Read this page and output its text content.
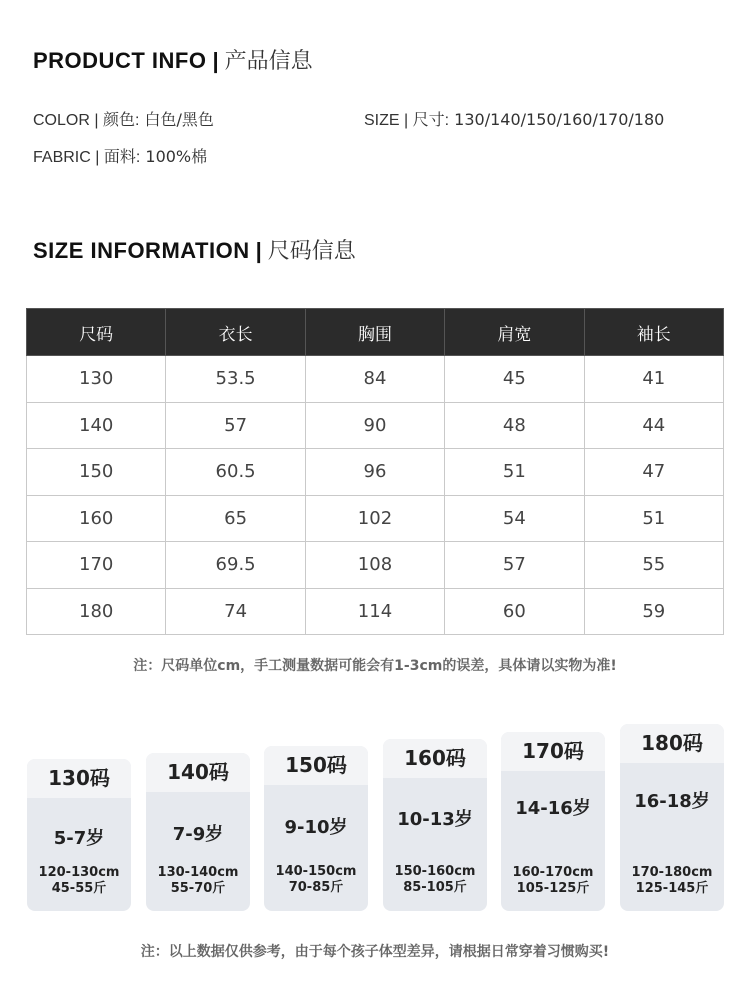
PRODUCT INFO | 产品信息
COLOR | 颜色: 白色/黑色	SIZE | 尺寸: 130/140/150/160/170/180
FABRIC | 面料: 100%棉
SIZE INFORMATION | 尺码信息
尺码	衣长	胸围	肩宽	袖长
130	53.5	84	45	41
140	57	90	48	44
150	60.5	96	51	47
160	65	102	54	51
170	69.5	108	57	55
180	74	114	60	59
注：尺码单位cm，手工测量数据可能会有1-3cm的误差，具体请以实物为准!
130码
5-7岁
120-130cm
45-55斤
140码
7-9岁
130-140cm
55-70斤
150码
9-10岁
140-150cm
70-85斤
160码
10-13岁
150-160cm
85-105斤
170码
14-16岁
160-170cm
105-125斤
180码
16-18岁
170-180cm
125-145斤
注：以上数据仅供参考，由于每个孩子体型差异，请根据日常穿着习惯购买!
